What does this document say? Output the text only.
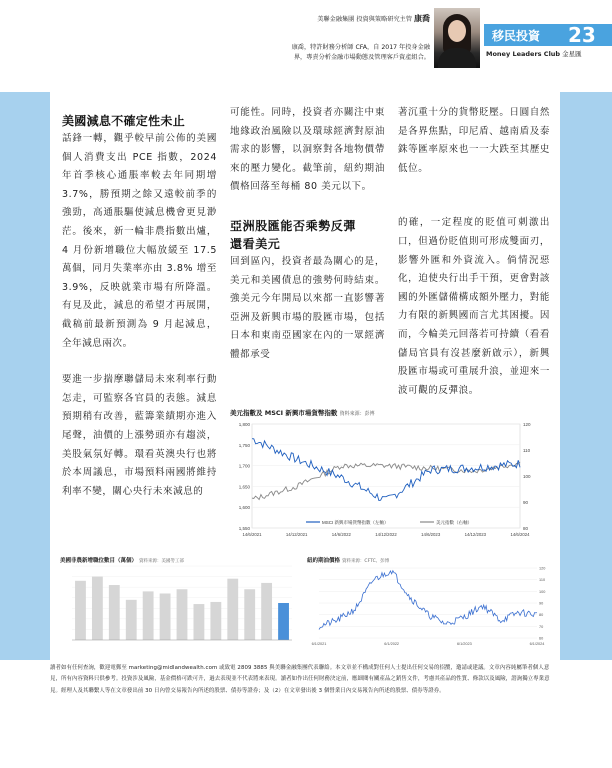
美聯金融集團 投資與策略研究主管 康喬
康喬，特許財務分析師 CFA，自 2017 年投身金融
界，專責分析金融市場動態及管理客戶資產組合。
移民投資 23
Money Leaders Club 金星匯
美國減息不確定性未止

話鋒一轉，觀乎較早前公佈的美國個人消費支出 PCE 指數，2024 年首季核心通脹率較去年同期增 3.7%，勝預期之餘又遠較前季的強勁，高通脹驅使減息機會更見渺茫。後來，新一輪非農指數出爐，4 月份新增職位大幅放緩至 17.5 萬個，同月失業率亦由 3.8% 增至 3.9%，反映就業市場有所降溫。有見及此，減息的希望才再展開，截稿前最新預測為 9 月起減息，全年減息兩次。

要進一步揣摩聯儲局未來利率行動怎走，可監察各官員的表態。減息預期稍有改善，藍籌業績期亦進入尾聲，油價的上漲勢頭亦有趨淡，美股氣氛好轉。環看英澳央行也將於本周議息，市場預料兩國將維持利率不變，關心央行未來減息的

可能性。同時，投資者亦關注中東地緣政治風險以及環球經濟對原油需求的影響，以洞察對各地物價帶來的壓力變化。截筆前，紐約期油價格回落至每桶 80 美元以下。

亞洲股匯能否乘勢反彈
還看美元

回到區內，投資者最為關心的是，美元和美國債息的強勢何時結束。強美元今年開局以來都一直影響著亞洲及新興市場的股匯市場，包括日本和東南亞國家在內的一眾經濟體都承受

著沉重十分的貨幣貶壓。日圓自然是各界焦點，印尼盾、越南盾及泰銖等匯率原來也一一大跌至其歷史低位。

的確，一定程度的貶值可刺激出口，但過份貶值則可形成雙面刃，影響外匯和外資流入。倘情況惡化，迫使央行出手干預，更會對該國的外匯儲備構成額外壓力，對能力有限的新興國而言尤其困擾。因而，今輪美元回落若可持續（看看儲局官員有沒甚麼新啟示），新興股匯市場或可重展升浪，並迎來一波可觀的反彈浪。

美元指數及 MSCI 新興市場貨幣指數 資料來源：彭博
1,800
1,750
1,700
1,650
1,600
1,550
120
110
100
90
80
14/6/2021	14/12/2021	14/6/2022	14/12/2022	14/6/2023	14/12/2023	14/6/2024
MSCI 新興市場貨幣指數（左軸）	美元指數（右軸）
美國非農新增職位數目（萬個） 資料來源：美國勞工部	紐約期油價格 資料來源：CFTC、彭博
120
110
100
90
80
70
60
6/1/2021	6/1/2022	6/1/2023	6/1/2024
讀者如有任何查詢，歡迎電郵至 marketing@midlandwealth.com 或致電 2809 3885 與美聯金融集團代表聯絡。本文章並不構成對任何人士提出任何交易的招攬，邀請或建議。文章內容純屬筆者個人意見，所有內容資料只供參考。投資涉及風險，基金價格可跌可升，過去表現並不代表將來表現。讀者如作出任何財務決定前，應細閱有關產品之銷售文件，考慮其產品的性質、條款以及風險，諮詢獨立專業意見。經理人及其聯繫人等在文章發出前 30 日內曾交易報告內所述的股票、債券等證券；及（2）在文章發出後 3 個營業日內交易報告內所述的股票、債券等證券。
